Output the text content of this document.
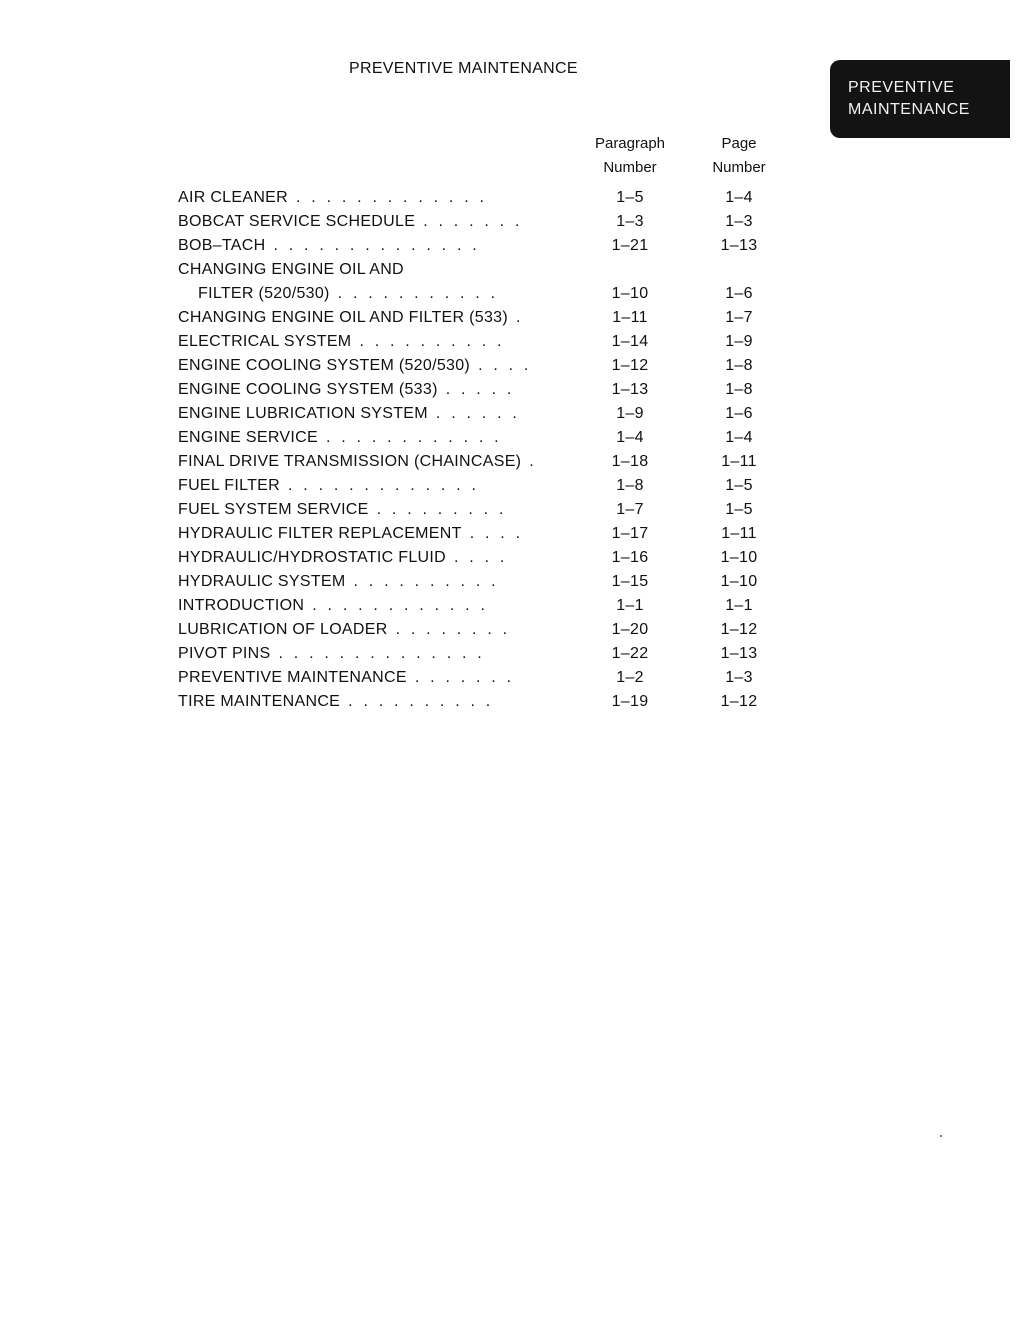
PREVENTIVE MAINTENANCE
PREVENTIVE
MAINTENANCE
Paragraph
Number
Page
Number
AIR CLEANER . . . . . . . . . . . . .	1–5	1–4
BOBCAT SERVICE SCHEDULE . . . . . . .	1–3	1–3
BOB–TACH . . . . . . . . . . . . . .	1–21	1–13
CHANGING ENGINE OIL AND
FILTER (520/530) . . . . . . . . . . .	1–10	1–6
CHANGING ENGINE OIL AND FILTER (533) .	1–11	1–7
ELECTRICAL SYSTEM . . . . . . . . . .	1–14	1–9
ENGINE COOLING SYSTEM (520/530) . . . .	1–12	1–8
ENGINE COOLING SYSTEM (533) . . . . .	1–13	1–8
ENGINE LUBRICATION SYSTEM . . . . . .	1–9	1–6
ENGINE SERVICE . . . . . . . . . . . .	1–4	1–4
FINAL DRIVE TRANSMISSION (CHAINCASE) .	1–18	1–11
FUEL FILTER . . . . . . . . . . . . .	1–8	1–5
FUEL SYSTEM SERVICE . . . . . . . . .	1–7	1–5
HYDRAULIC FILTER REPLACEMENT . . . .	1–17	1–11
HYDRAULIC/HYDROSTATIC FLUID . . . .	1–16	1–10
HYDRAULIC SYSTEM . . . . . . . . . .	1–15	1–10
INTRODUCTION . . . . . . . . . . . .	1–1	1–1
LUBRICATION OF LOADER . . . . . . . .	1–20	1–12
PIVOT PINS . . . . . . . . . . . . . .	1–22	1–13
PREVENTIVE MAINTENANCE . . . . . . .	1–2	1–3
TIRE MAINTENANCE . . . . . . . . . .	1–19	1–12
